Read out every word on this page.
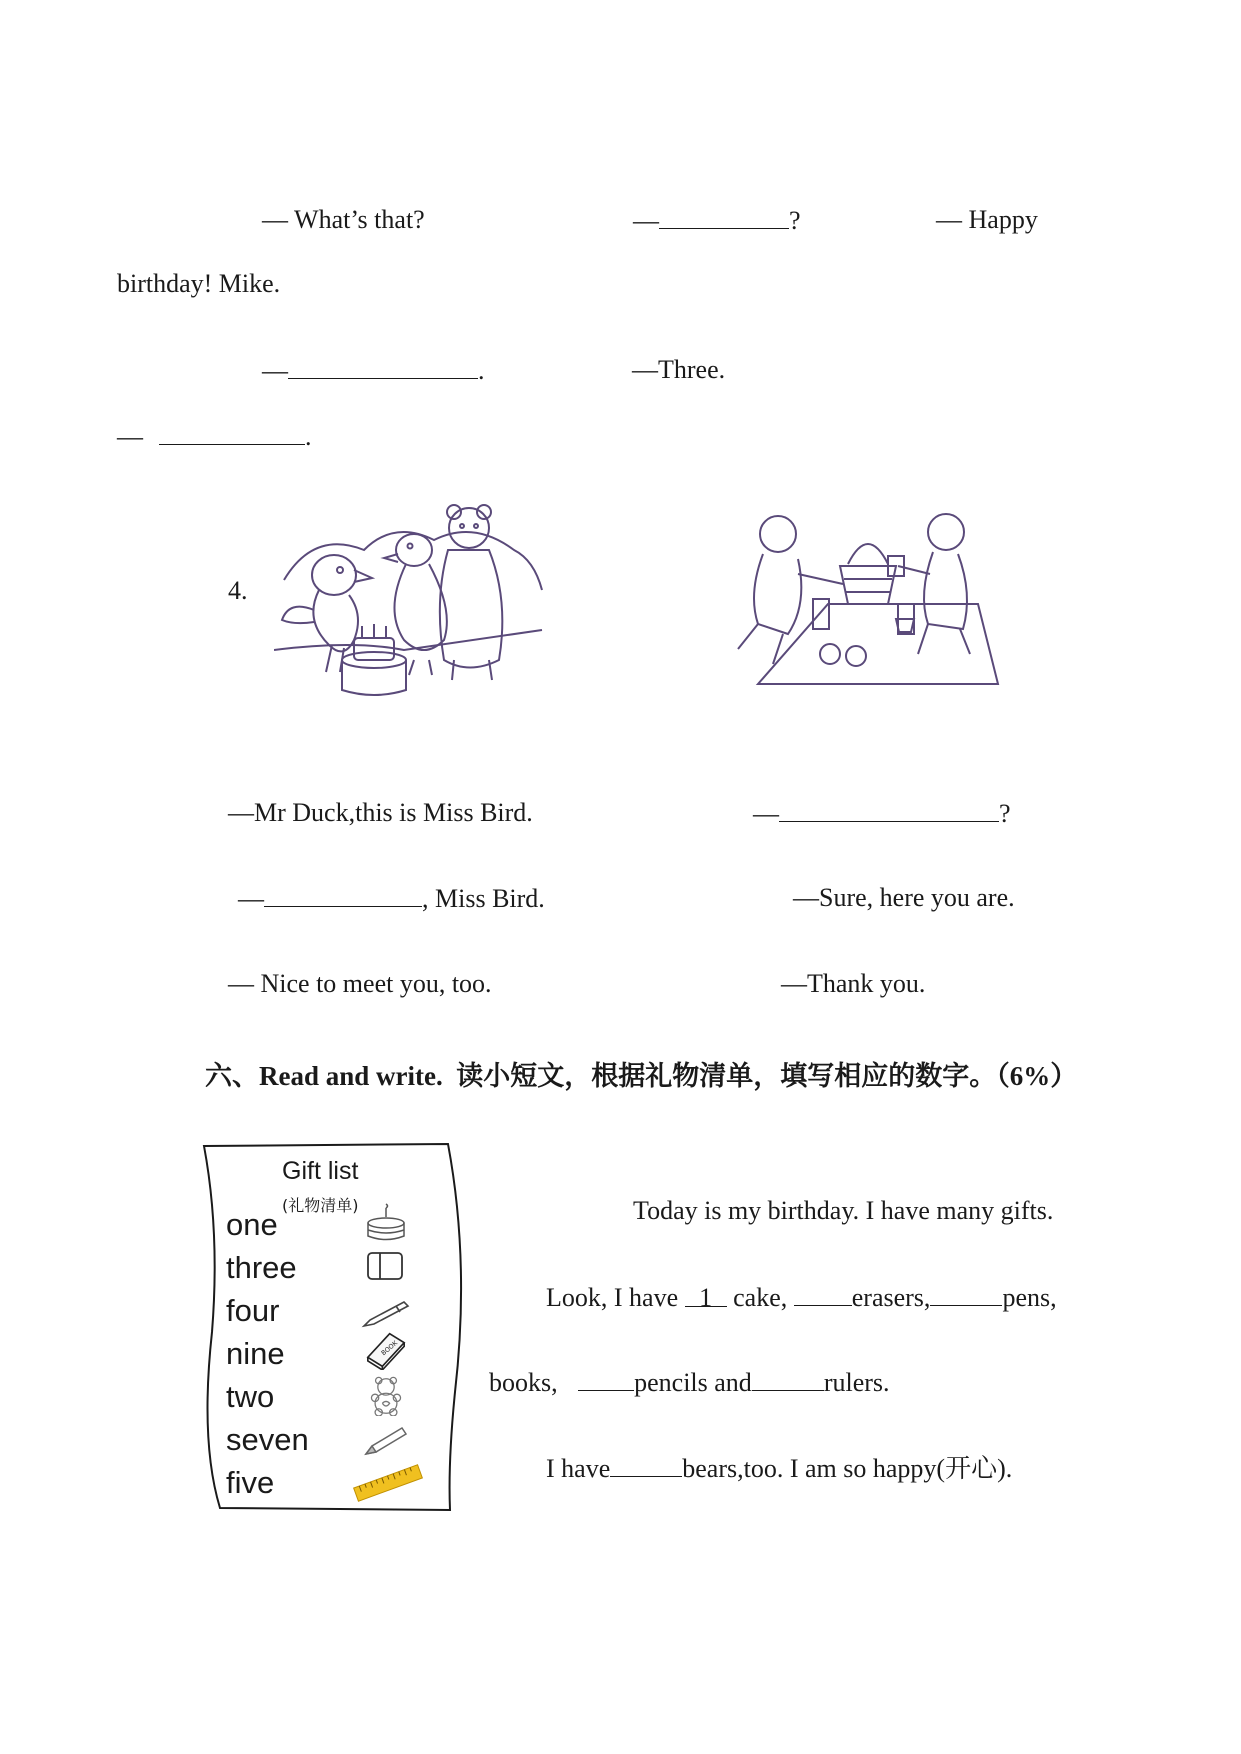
— What’s that?	—	?	— Happy
birthday! Mike.
—	.	—Three.
—	.
4.
—Mr Duck,this is Miss Bird.	—	?
—	, Miss Bird.	—Sure, here you are.
— Nice to meet you, too.	—Thank you.
六、Read and write.  读小短文，根据礼物清单，填写相应的数字。（6%）
Gift list
(礼物清单)
one
three
four
nine
two
seven
five
BOOK
Today is my birthday. I have many gifts.
Look, I have 1 cake, erasers,	pens,
books,	pencils and	rulers.
I have	bears,too. I am so happy(开心).
